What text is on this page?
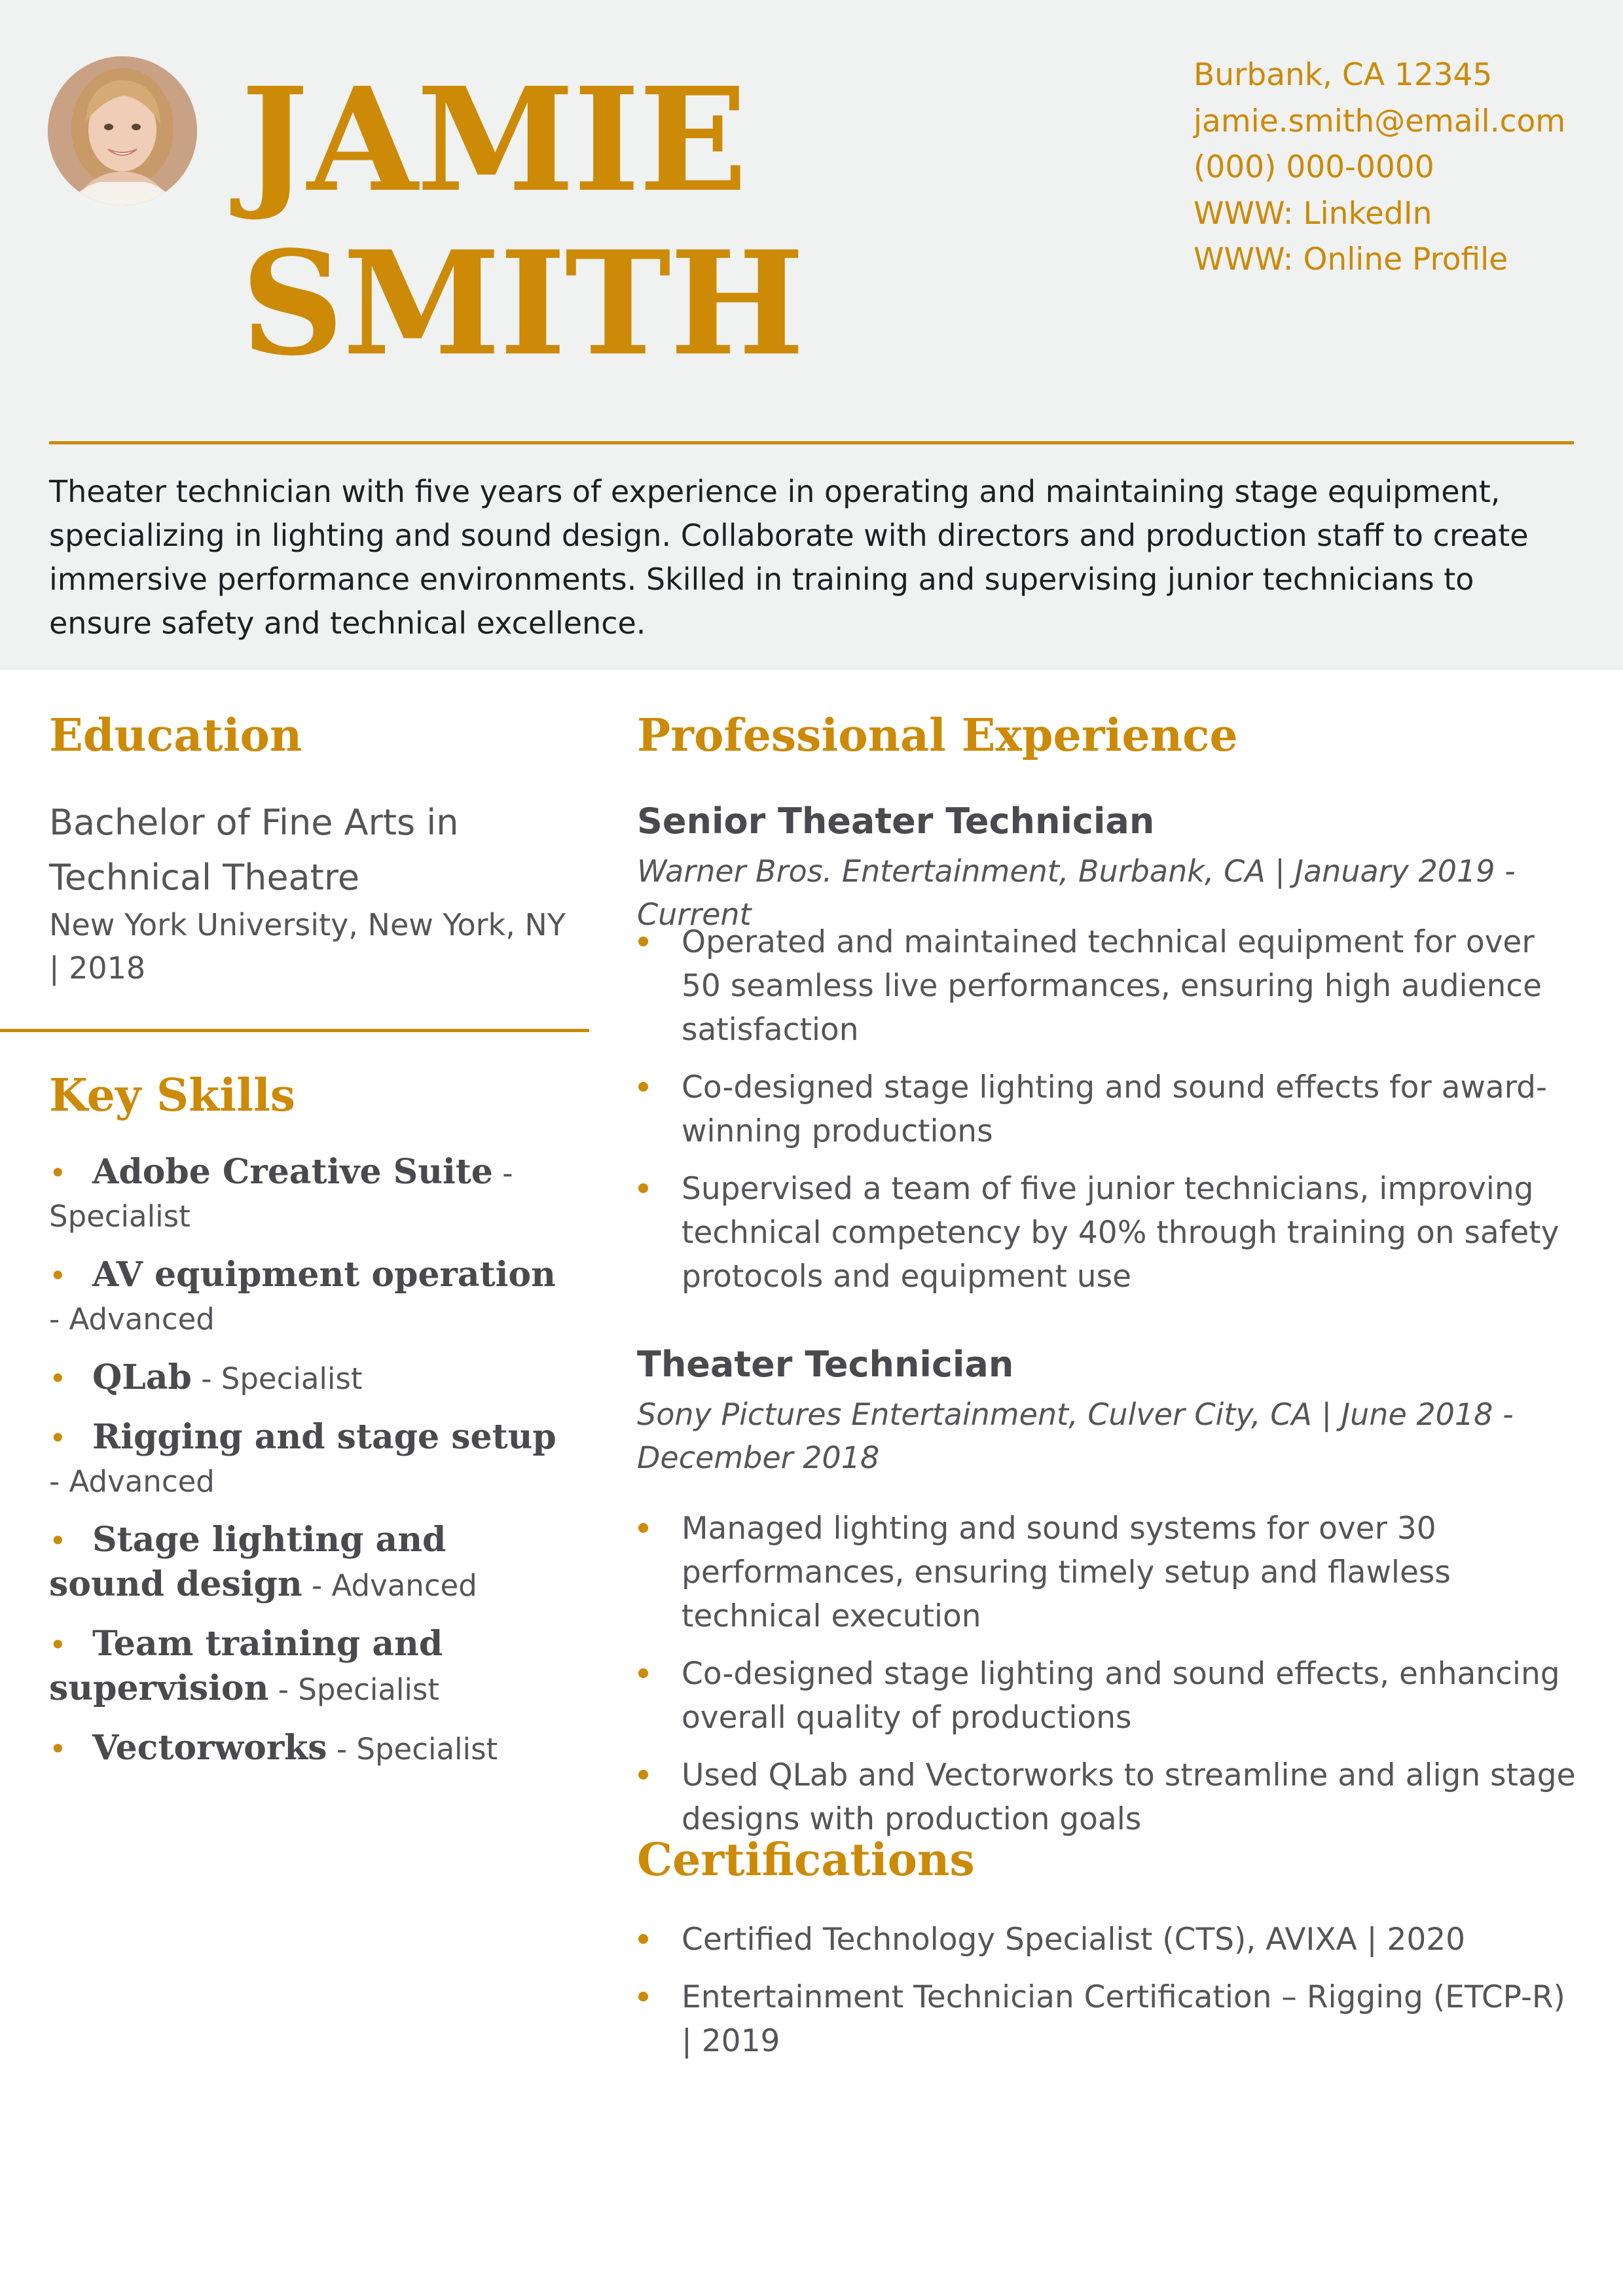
JAMIE
SMITH
Burbank, CA 12345
jamie.smith@email.com
(000) 000-0000
WWW: LinkedIn
WWW: Online Profile
Theater technician with five years of experience in operating and maintaining stage equipment, specializing in lighting and sound design. Collaborate with directors and production staff to create immersive performance environments. Skilled in training and supervising junior technicians to ensure safety and technical excellence.
Education
Bachelor of Fine Arts in Technical Theatre
New York University, New York, NY | 2018
Key Skills
• Adobe Creative Suite - Specialist
• AV equipment operation - Advanced
• QLab - Specialist
• Rigging and stage setup - Advanced
• Stage lighting and sound design - Advanced
• Team training and supervision - Specialist
• Vectorworks - Specialist
Professional Experience
Senior Theater Technician
Warner Bros. Entertainment, Burbank, CA | January 2019 - Current
Operated and maintained technical equipment for over 50 seamless live performances, ensuring high audience satisfaction
Co-designed stage lighting and sound effects for award-winning productions
Supervised a team of five junior technicians, improving technical competency by 40% through training on safety protocols and equipment use
Theater Technician
Sony Pictures Entertainment, Culver City, CA | June 2018 - December 2018
Managed lighting and sound systems for over 30 performances, ensuring timely setup and flawless technical execution
Co-designed stage lighting and sound effects, enhancing overall quality of productions
Used QLab and Vectorworks to streamline and align stage designs with production goals
Certifications
Certified Technology Specialist (CTS), AVIXA | 2020
Entertainment Technician Certification – Rigging (ETCP-R) | 2019
